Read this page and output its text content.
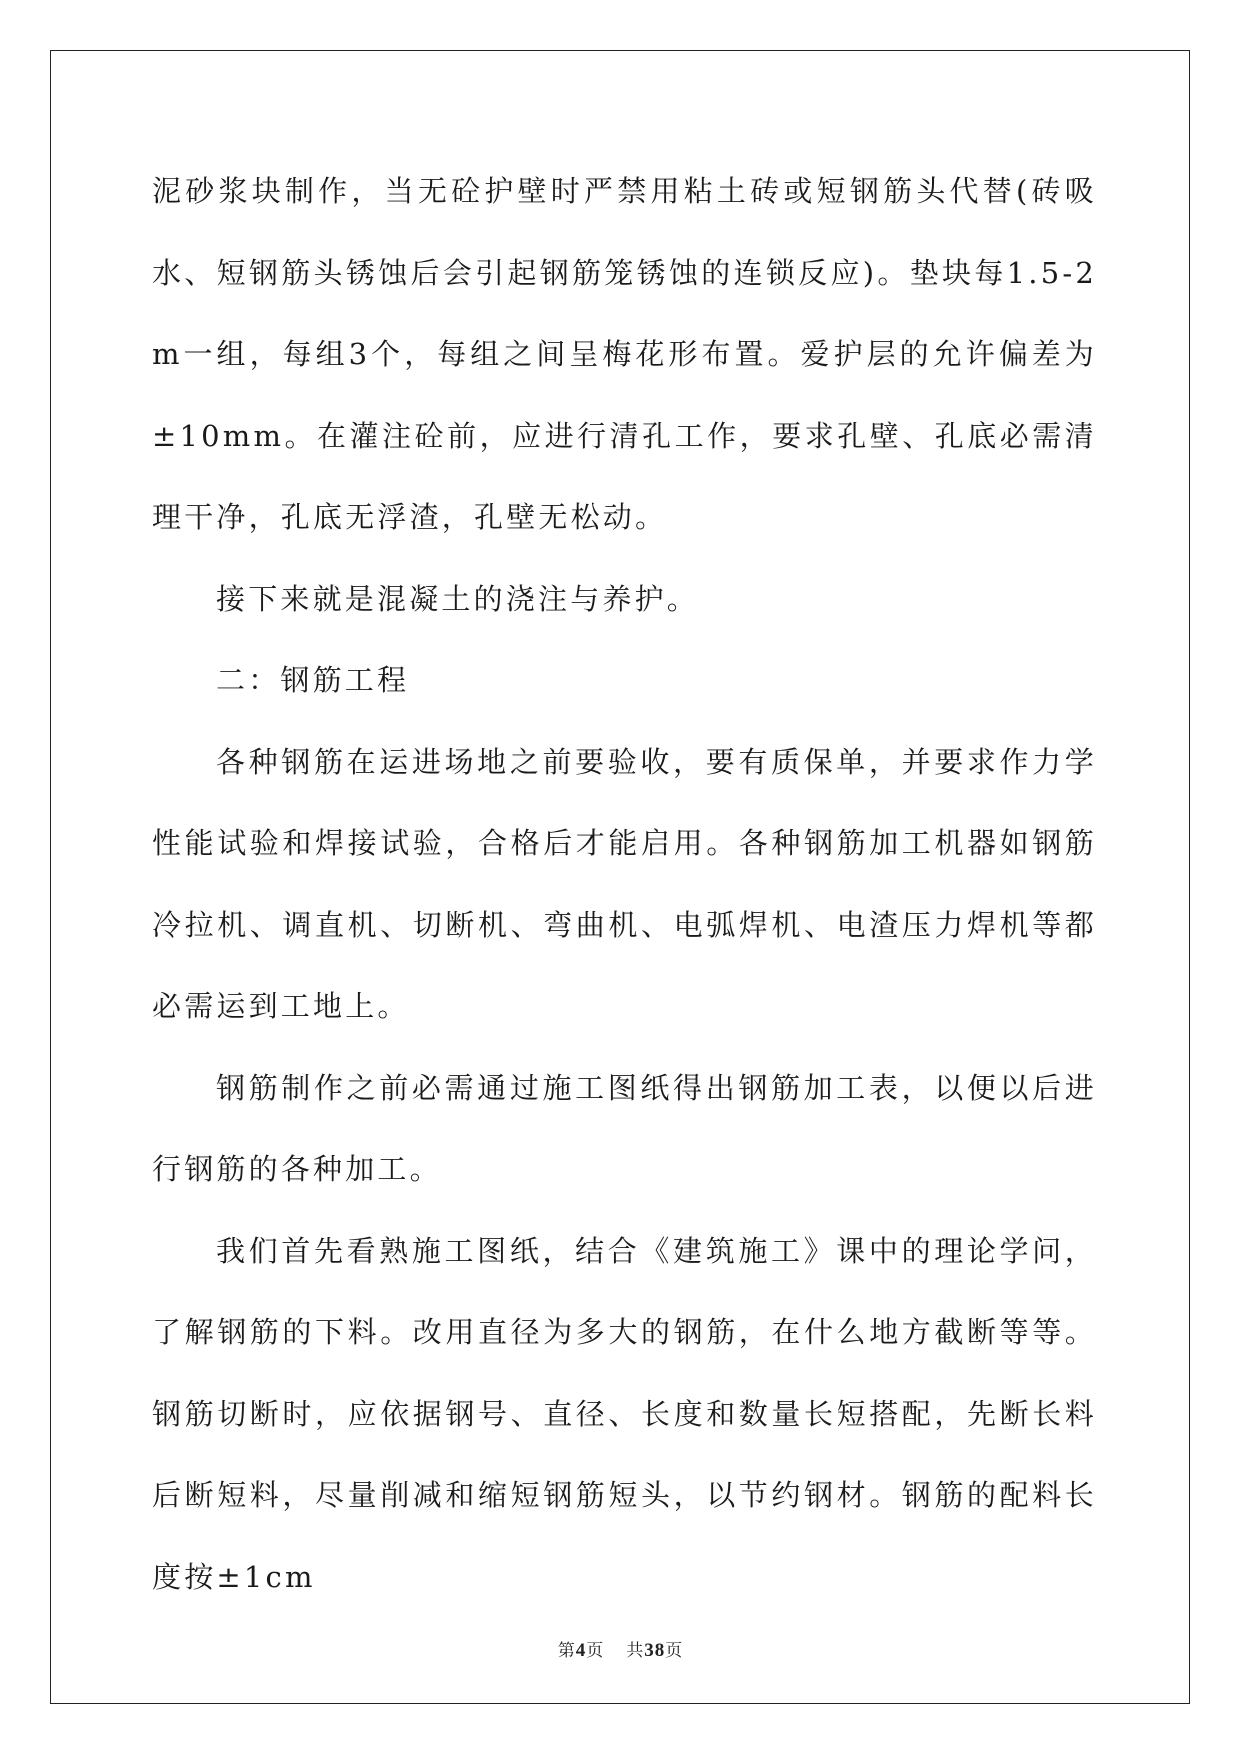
泥砂浆块制作，当无砼护壁时严禁用粘土砖或短钢筋头代替(砖吸水、短钢筋头锈蚀后会引起钢筋笼锈蚀的连锁反应)。垫块每1.5-2m一组，每组3个，每组之间呈梅花形布置。爱护层的允许偏差为±10mm。在灌注砼前，应进行清孔工作，要求孔壁、孔底必需清理干净，孔底无浮渣，孔壁无松动。

接下来就是混凝土的浇注与养护。

二：钢筋工程

各种钢筋在运进场地之前要验收，要有质保单，并要求作力学性能试验和焊接试验，合格后才能启用。各种钢筋加工机器如钢筋冷拉机、调直机、切断机、弯曲机、电弧焊机、电渣压力焊机等都必需运到工地上。

钢筋制作之前必需通过施工图纸得出钢筋加工表，以便以后进行钢筋的各种加工。

我们首先看熟施工图纸，结合《建筑施工》课中的理论学问，了解钢筋的下料。改用直径为多大的钢筋，在什么地方截断等等。钢筋切断时，应依据钢号、直径、长度和数量长短搭配，先断长料后断短料，尽量削减和缩短钢筋短头，以节约钢材。钢筋的配料长度按±1cm

第4页 共38页
